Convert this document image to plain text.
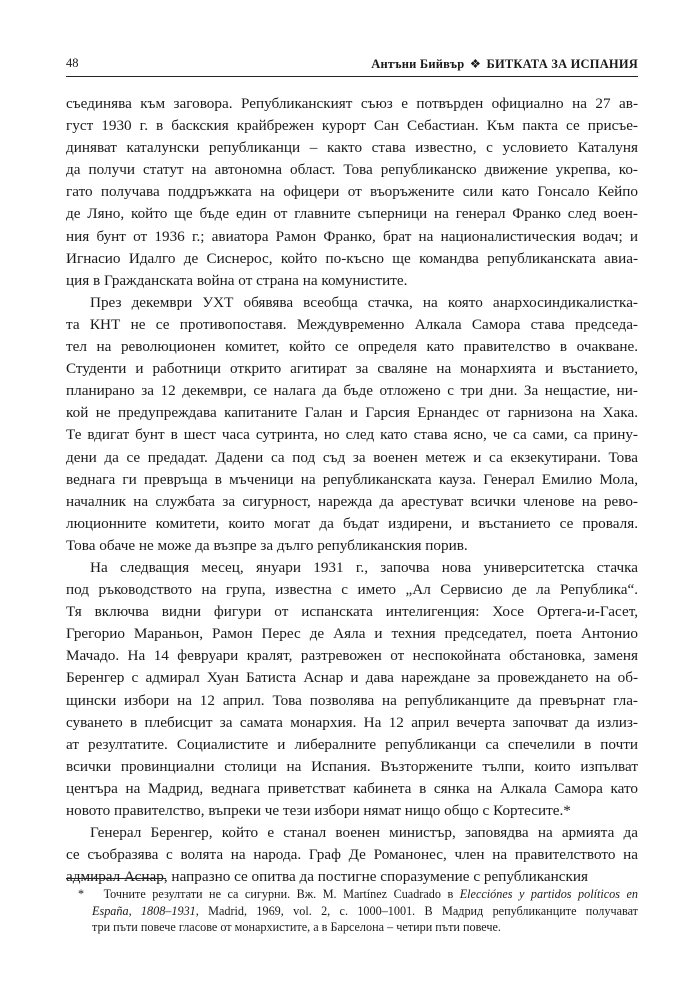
48	Антъни Бийвър ❖ БИТКАТА ЗА ИСПАНИЯ
съединява към заговора. Републиканският съюз е потвърден официално на 27 ав-
густ 1930 г. в баскския крайбрежен курорт Сан Себастиан. Към пакта се присъе-
диняват каталунски републиканци – както става известно, с условието Каталуня
да получи статут на автономна област. Това републиканско движение укрепва, ко-
гато получава поддръжката на офицери от въоръжените сили като Гонсало Кейпо
де Ляно, който ще бъде един от главните съперници на генерал Франко след воен-
ния бунт от 1936 г.; авиатора Рамон Франко, брат на националистическия водач; и
Игнасио Идалго де Сиснерос, който по-късно ще командва републиканската авиа-
ция в Гражданската война от страна на комунистите.
През декември УХТ обявява всеобща стачка, на която анархосиндикалистка-
та КНТ не се противопоставя. Междувременно Алкала Самора става председа-
тел на революционен комитет, който се определя като правителство в очакване.
Студенти и работници открито агитират за сваляне на монархията и въстанието,
планирано за 12 декември, се налага да бъде отложено с три дни. За нещастие, ни-
кой не предупреждава капитаните Галан и Гарсия Ернандес от гарнизона на Хака.
Те вдигат бунт в шест часа сутринта, но след като става ясно, че са сами, са прину-
дени да се предадат. Дадени са под съд за военен метеж и са екзекутирани. Това
веднага ги превръща в мъченици на републиканската кауза. Генерал Емилио Мола,
началник на службата за сигурност, нарежда да арестуват всички членове на рево-
люционните комитети, които могат да бъдат издирени, и въстанието се проваля.
Това обаче не може да възпре за дълго републиканския порив.
На следващия месец, януари 1931 г., започва нова университетска стачка
под ръководството на група, известна с името „Ал Сервисио де ла Република“.
Тя включва видни фигури от испанската интелигенция: Хосе Ортега-и-Гасет,
Грегорио Мараньон, Рамон Перес де Аяла и техния председател, поета Антонио
Мачадо. На 14 февруари кралят, разтревожен от неспокойната обстановка, заменя
Беренгер с адмирал Хуан Батиста Аснар и дава нареждане за провеждането на об-
щински избори на 12 април. Това позволява на републиканците да превърнат гла-
суването в плебисцит за самата монархия. На 12 април вечерта започват да излиз-
ат резултатите. Социалистите и либералните републиканци са спечелили в почти
всички провинциални столици на Испания. Възторжените тълпи, които изпълват
центъра на Мадрид, веднага приветстват кабинета в сянка на Алкала Самора като
новото правителство, въпреки че тези избори нямат нищо общо с Кортесите.*
Генерал Беренгер, който е станал военен министър, заповядва на армията да
се съобразява с волята на народа. Граф Де Романонес, член на правителството на
адмирал Аснар, напразно се опитва да постигне споразумение с републиканския
* Точните резултати не са сигурни. Вж. M. Martínez Cuadrado в Elecciónes y partidos políticos en
España, 1808–1931, Madrid, 1969, vol. 2, с. 1000–1001. В Мадрид републиканците получават
три пъти повече гласове от монархистите, а в Барселона – четири пъти повече.
